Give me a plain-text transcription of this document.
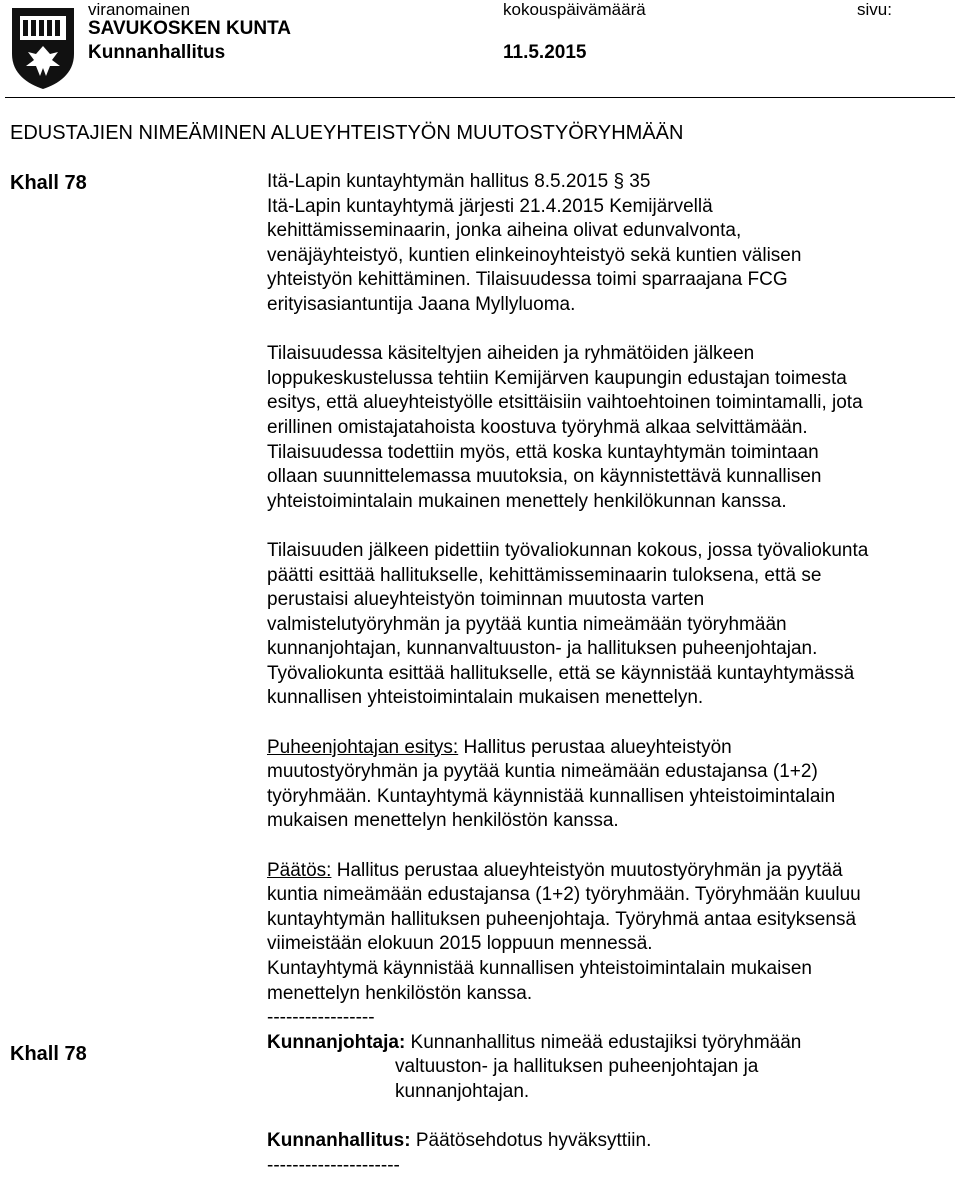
viranomainen	kokouspäivämäärä	sivu:
SAVUKOSKEN KUNTA
Kunnanhallitus	11.5.2015
EDUSTAJIEN NIMEÄMINEN ALUEYHTEISTYÖN MUUTOSTYÖRYHMÄÄN
Khall 78
Khall 78
Itä-Lapin kuntayhtymän hallitus 8.5.2015 § 35
Itä-Lapin kuntayhtymä järjesti 21.4.2015 Kemijärvellä
kehittämisseminaarin, jonka aiheina olivat edunvalvonta,
venäjäyhteistyö, kuntien elinkeinoyhteistyö sekä kuntien välisen
yhteistyön kehittäminen. Tilaisuudessa toimi sparraajana FCG
erityisasiantuntija Jaana Myllyluoma.
Tilaisuudessa käsiteltyjen aiheiden ja ryhmätöiden jälkeen
loppukeskustelussa tehtiin Kemijärven kaupungin edustajan toimesta
esitys, että alueyhteistyölle etsittäisiin vaihtoehtoinen toimintamalli, jota
erillinen omistajatahoista koostuva työryhmä alkaa selvittämään.
Tilaisuudessa todettiin myös, että koska kuntayhtymän toimintaan
ollaan suunnittelemassa muutoksia, on käynnistettävä kunnallisen
yhteistoimintalain mukainen menettely henkilökunnan kanssa.
Tilaisuuden jälkeen pidettiin työvaliokunnan kokous, jossa työvaliokunta
päätti esittää hallitukselle, kehittämisseminaarin tuloksena, että se
perustaisi alueyhteistyön toiminnan muutosta varten
valmistelutyöryhmän ja pyytää kuntia nimeämään työryhmään
kunnanjohtajan, kunnanvaltuuston- ja hallituksen puheenjohtajan.
Työvaliokunta esittää hallitukselle, että se käynnistää kuntayhtymässä
kunnallisen yhteistoimintalain mukaisen menettelyn.
Puheenjohtajan esitys: Hallitus perustaa alueyhteistyön
muutostyöryhmän ja pyytää kuntia nimeämään edustajansa (1+2)
työryhmään. Kuntayhtymä käynnistää kunnallisen yhteistoimintalain
mukaisen menettelyn henkilöstön kanssa.
Päätös: Hallitus perustaa alueyhteistyön muutostyöryhmän ja pyytää
kuntia nimeämään edustajansa (1+2) työryhmään. Työryhmään kuuluu
kuntayhtymän hallituksen puheenjohtaja. Työryhmä antaa esityksensä
viimeistään elokuun 2015 loppuun mennessä.
Kuntayhtymä käynnistää kunnallisen yhteistoimintalain mukaisen
menettelyn henkilöstön kanssa.
-----------------
Kunnanjohtaja: Kunnanhallitus nimeää edustajiksi työryhmään
valtuuston- ja hallituksen puheenjohtajan ja
kunnanjohtajan.
Kunnanhallitus: Päätösehdotus hyväksyttiin.
---------------------
